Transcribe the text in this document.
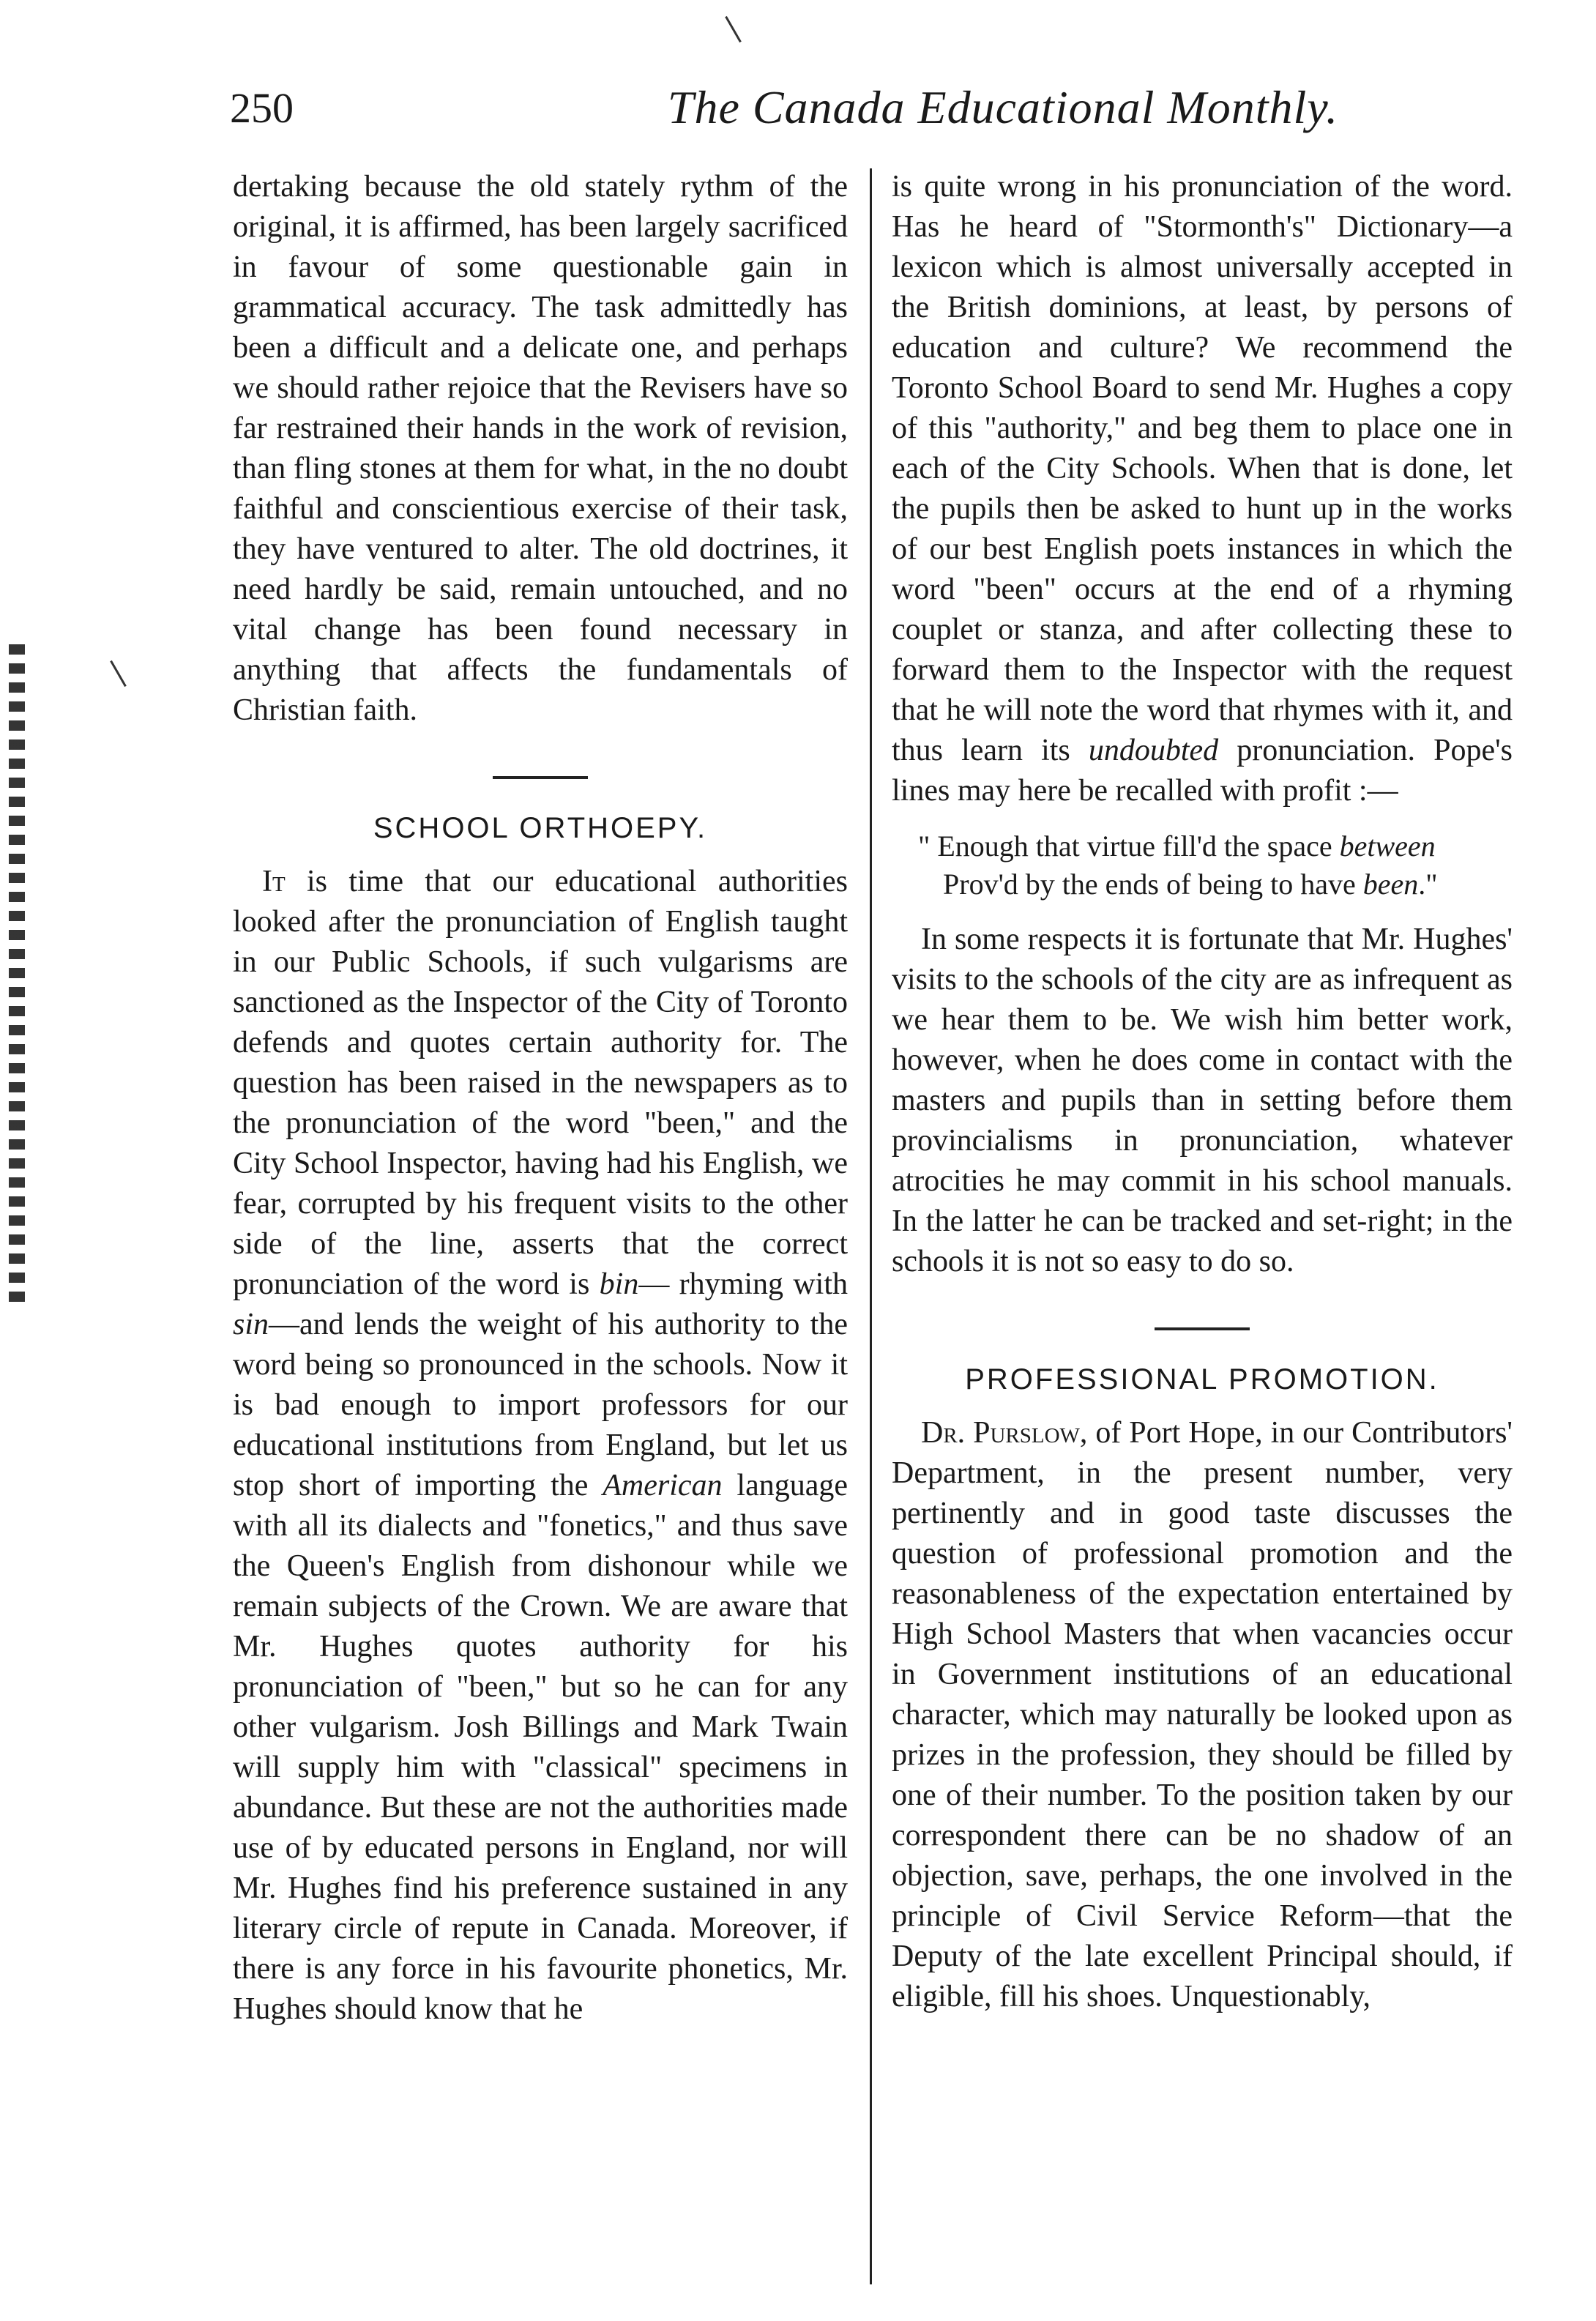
250	The Canada Educational Monthly.

dertaking because the old stately rythm of the original, it is affirmed, has been largely sacrificed in favour of some questionable gain in grammatical accuracy. The task admittedly has been a difficult and a delicate one, and perhaps we should rather rejoice that the Revisers have so far restrained their hands in the work of revision, than fling stones at them for what, in the no doubt faithful and conscientious exercise of their task, they have ventured to alter. The old doctrines, it need hardly be said, remain untouched, and no vital change has been found necessary in anything that affects the fundamentals of Christian faith.

SCHOOL ORTHOEPY.

It is time that our educational authorities looked after the pronunciation of English taught in our Public Schools, if such vulgarisms are sanctioned as the Inspector of the City of Toronto defends and quotes certain authority for. The question has been raised in the newspapers as to the pronunciation of the word "been," and the City School Inspector, having had his English, we fear, corrupted by his frequent visits to the other side of the line, asserts that the correct pronunciation of the word is bin— rhyming with sin—and lends the weight of his authority to the word being so pronounced in the schools. Now it is bad enough to import professors for our educational institutions from England, but let us stop short of importing the American language with all its dialects and "fonetics," and thus save the Queen's English from dishonour while we remain subjects of the Crown. We are aware that Mr. Hughes quotes authority for his pronunciation of "been," but so he can for any other vulgarism. Josh Billings and Mark Twain will supply him with "classical" specimens in abundance. But these are not the authorities made use of by educated persons in England, nor will Mr. Hughes find his preference sustained in any literary circle of repute in Canada. Moreover, if there is any force in his favourite phonetics, Mr. Hughes should know that he

is quite wrong in his pronunciation of the word. Has he heard of "Stormonth's" Dictionary—a lexicon which is almost universally accepted in the British dominions, at least, by persons of education and culture? We recommend the Toronto School Board to send Mr. Hughes a copy of this "authority," and beg them to place one in each of the City Schools. When that is done, let the pupils then be asked to hunt up in the works of our best English poets instances in which the word "been" occurs at the end of a rhyming couplet or stanza, and after collecting these to forward them to the Inspector with the request that he will note the word that rhymes with it, and thus learn its undoubted pronunciation. Pope's lines may here be recalled with profit :—

" Enough that virtue fill'd the space between
Prov'd by the ends of being to have been."

In some respects it is fortunate that Mr. Hughes' visits to the schools of the city are as infrequent as we hear them to be. We wish him better work, however, when he does come in contact with the masters and pupils than in setting before them provincialisms in pronunciation, whatever atrocities he may commit in his school manuals. In the latter he can be tracked and set-right; in the schools it is not so easy to do so.

PROFESSIONAL PROMOTION.

Dr. Purslow, of Port Hope, in our Contributors' Department, in the present number, very pertinently and in good taste discusses the question of professional promotion and the reasonableness of the expectation entertained by High School Masters that when vacancies occur in Government institutions of an educational character, which may naturally be looked upon as prizes in the profession, they should be filled by one of their number. To the position taken by our correspondent there can be no shadow of an objection, save, perhaps, the one involved in the principle of Civil Service Reform—that the Deputy of the late excellent Principal should, if eligible, fill his shoes. Unquestionably,
